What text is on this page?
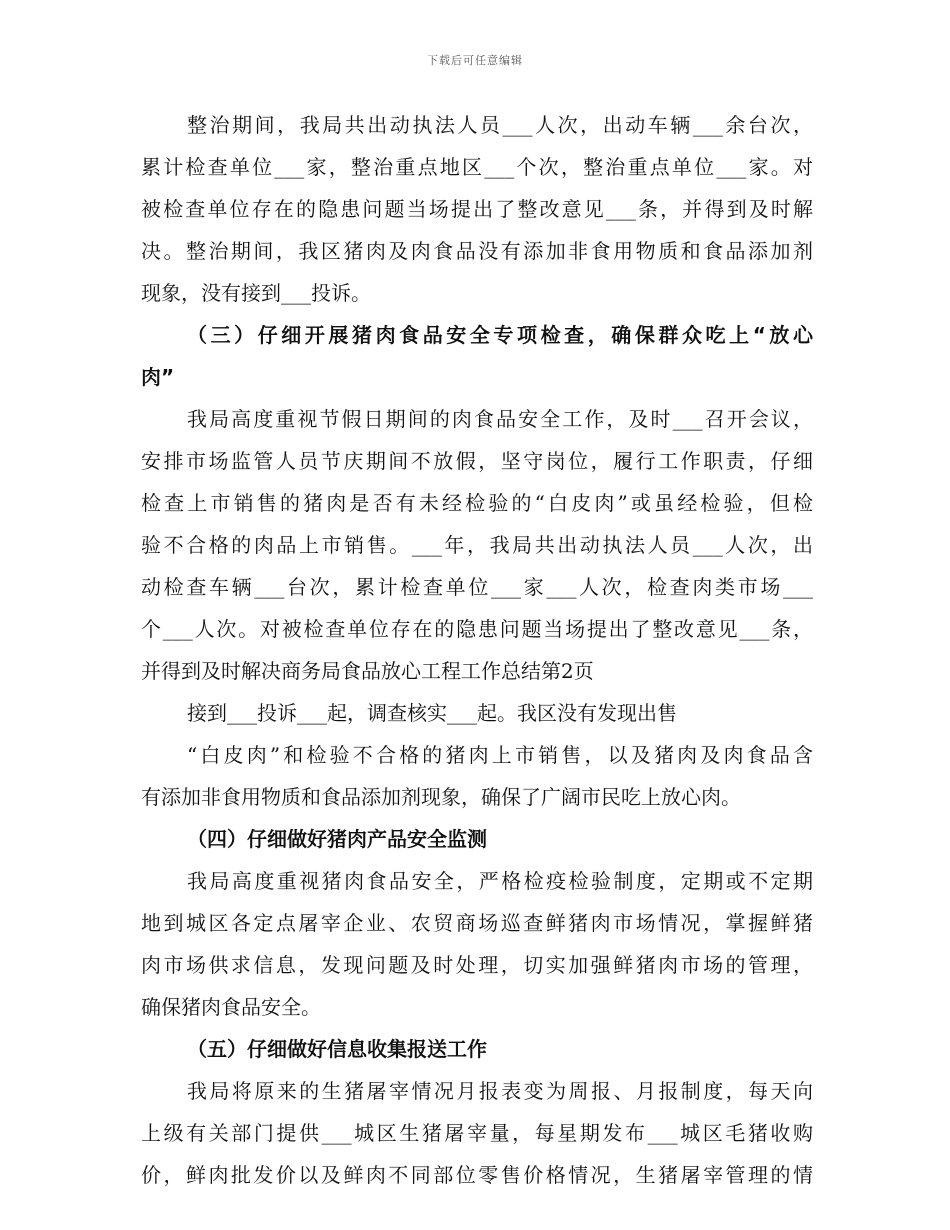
下载后可任意编辑
整治期间，我局共出动执法人员___人次，出动车辆___余台次，
累计检查单位___家，整治重点地区___个次，整治重点单位___家。对
被检查单位存在的隐患问题当场提出了整改意见___条，并得到及时解
决。整治期间，我区猪肉及肉食品没有添加非食用物质和食品添加剂
现象，没有接到___投诉。
（三）仔细开展猪肉食品安全专项检查，确保群众吃上“放心
肉”
我局高度重视节假日期间的肉食品安全工作，及时___召开会议，
安排市场监管人员节庆期间不放假，坚守岗位，履行工作职责，仔细
检查上市销售的猪肉是否有未经检验的“白皮肉”或虽经检验，但检
验不合格的肉品上市销售。___年，我局共出动执法人员___人次，出
动检查车辆___台次，累计检查单位___家___人次，检查肉类市场___
个___人次。对被检查单位存在的隐患问题当场提出了整改意见___条，
并得到及时解决商务局食品放心工程工作总结第2页
接到___投诉___起，调查核实___起。我区没有发现出售
“白皮肉”和检验不合格的猪肉上市销售，以及猪肉及肉食品含
有添加非食用物质和食品添加剂现象，确保了广阔市民吃上放心肉。
（四）仔细做好猪肉产品安全监测
我局高度重视猪肉食品安全，严格检疫检验制度，定期或不定期
地到城区各定点屠宰企业、农贸商场巡查鲜猪肉市场情况，掌握鲜猪
肉市场供求信息，发现问题及时处理，切实加强鲜猪肉市场的管理，
确保猪肉食品安全。
（五）仔细做好信息收集报送工作
我局将原来的生猪屠宰情况月报表变为周报、月报制度，每天向
上级有关部门提供___城区生猪屠宰量，每星期发布___城区毛猪收购
价，鲜肉批发价以及鲜肉不同部位零售价格情况，生猪屠宰管理的情
